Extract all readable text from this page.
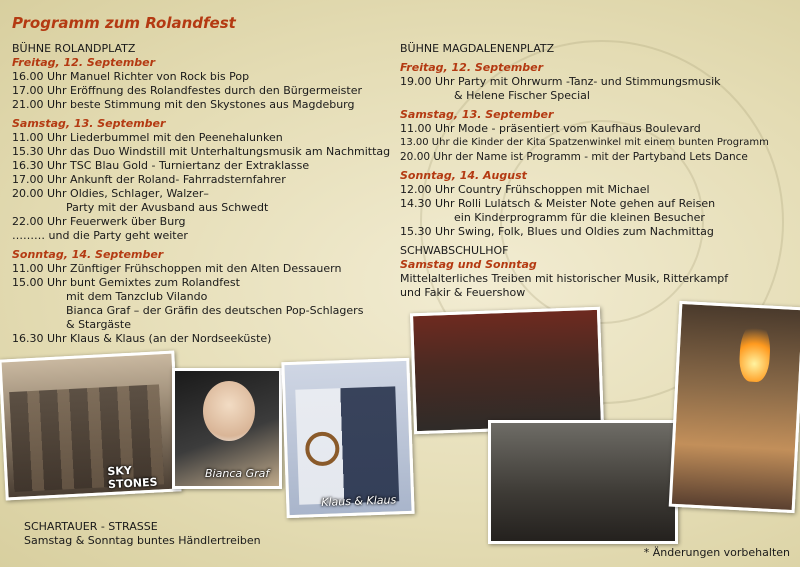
Programm zum Rolandfest

BÜHNE ROLANDPLATZ

Freitag, 12. September

16.00 Uhr Manuel Richter von Rock bis Pop

17.00 Uhr Eröffnung des Rolandfestes durch den Bürgermeister

21.00 Uhr beste Stimmung mit den Skystones aus Magdeburg

Samstag, 13. September

11.00 Uhr Liederbummel mit den Peenehalunken

15.30 Uhr das Duo Windstill mit Unterhaltungsmusik am Nachmittag

16.30 Uhr TSC Blau Gold - Turniertanz der Extraklasse

17.00 Uhr Ankunft der Roland- Fahrradsternfahrer

20.00 Uhr Oldies, Schlager, Walzer–

Party mit der Avusband aus Schwedt

22.00 Uhr Feuerwerk über Burg

……… und die Party geht weiter

Sonntag, 14. September

11.00 Uhr Zünftiger Frühschoppen mit den Alten Dessauern

15.00 Uhr bunt Gemixtes zum Rolandfest

mit dem Tanzclub Vilando

Bianca Graf – der Gräfin des deutschen Pop-Schlagers

& Stargäste

16.30 Uhr Klaus & Klaus (an der Nordseeküste)

BÜHNE MAGDALENENPLATZ

Freitag, 12. September

19.00 Uhr Party mit Ohrwurm -Tanz- und Stimmungsmusik

& Helene Fischer Special

Samstag, 13. September

11.00 Uhr Mode - präsentiert vom Kaufhaus Boulevard

13.00 Uhr die Kinder der Kita Spatzenwinkel mit einem bunten Programm

20.00 Uhr der Name ist Programm - mit der Partyband Lets Dance

Sonntag, 14. August

12.00 Uhr Country Frühschoppen mit Michael

14.30 Uhr Rolli Lulatsch & Meister Note gehen auf Reisen

ein Kinderprogramm für die kleinen Besucher

15.30 Uhr Swing, Folk, Blues und Oldies zum Nachmittag

SCHWABSCHULHOF

Samstag und Sonntag

Mittelalterliches Treiben mit historischer Musik, Ritterkampf

und Fakir & Feuershow

SKY STONES
Bianca Graf
Klaus & Klaus
SCHARTAUER - STRASSE
Samstag & Sonntag buntes Händlertreiben
* Änderungen vorbehalten
